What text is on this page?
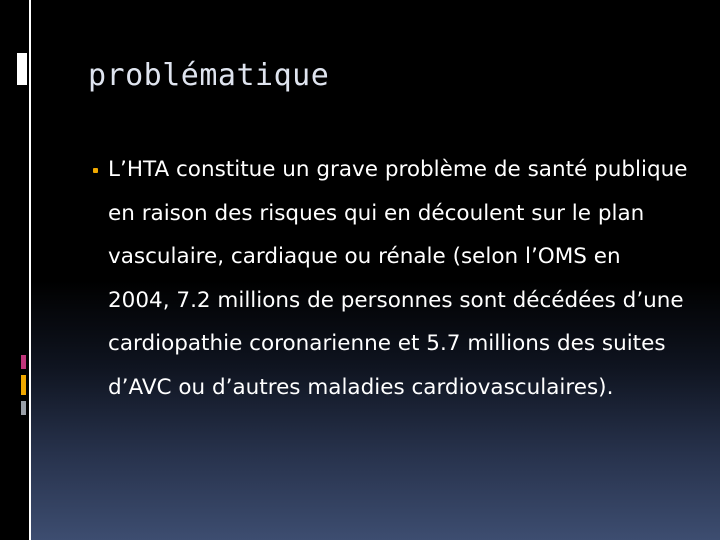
problématique

L’HTA constitue un grave problème de santé publique en raison des risques qui en découlent sur le plan vasculaire, cardiaque ou rénale (selon l’OMS en 2004, 7.2 millions de personnes sont décédées d’une cardiopathie coronarienne et 5.7 millions des suites d’AVC ou d’autres maladies cardiovasculaires).
